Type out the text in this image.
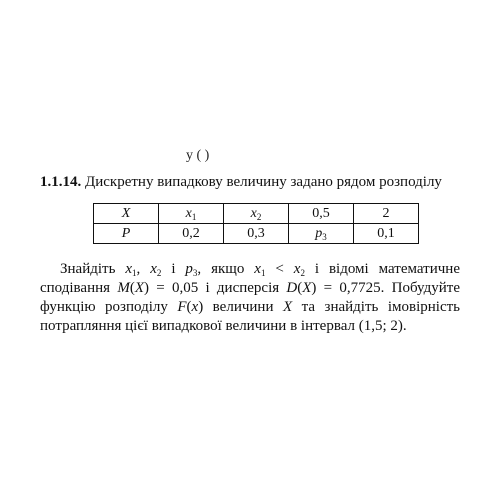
у ( )
1.1.14. Дискретну випадкову величину задано рядом розподілу
X	$x_1$	$x_2$	0,5	2
P	0,2	0,3	$p_3$	0,1
Знайдіть $x_1$, $x_2$ і $p_3$, якщо $x_1 < x_2$ і відомі математичне сподівання M(X) = 0,05 і дисперсія D(X) = 0,7725. Побудуйте функцію розподілу F(x) величини X та знайдіть імовірність потрапляння цієї випадкової величини в інтервал (1,5; 2).
